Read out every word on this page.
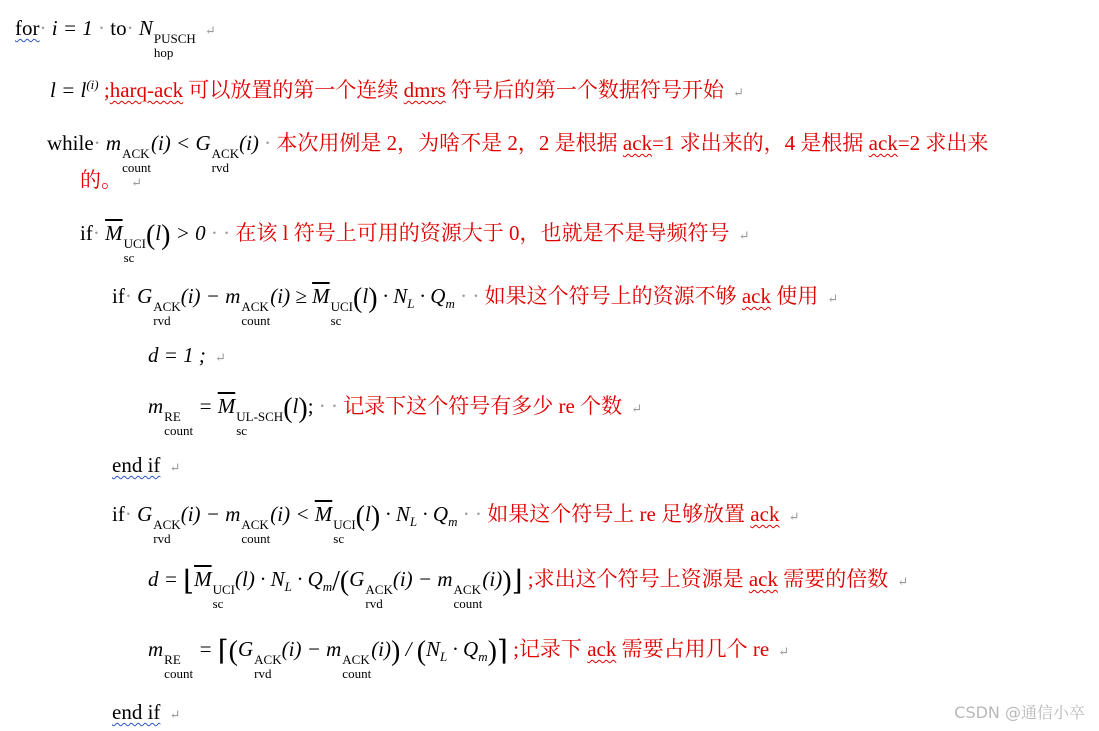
for· i = 1 · to· N PUSCH
hop
↵
$l = l^{(i)}$ ;harq-ack 可以放置的第一个连续 dmrs 符号后的第一个数据符号开始 ↵
while· m ACK
count
(i) < G ACK
rvd
(i) · 本次用例是 2，为啥不是 2，2 是根据 ack=1 求出来的，4 是根据 ack=2 求出来
的。 ↵
$if\cdot \overline{M}$ UCI
sc
(l) > 0 · · 在该 l 符号上可用的资源大于 0，也就是不是导频符号 ↵
if· G ACK
rvd
(i) − m ACK
count
$(i) \ge \overline{M}$ UCI
sc
$(l) \cdot N_L \cdot Q_m$ · · 如果这个符号上的资源不够 ack 使用 ↵
d = 1 ; ↵
m RE
count
= $\overline{M}$ UL-SCH
sc
(l); · · 记录下这个符号有多少 re 个数 ↵
end if ↵
if· G ACK
rvd
(i) − m ACK
count
$(i) < \overline{M}$ UCI
sc
$(l) \cdot N_L \cdot Q_m$ · · 如果这个符号上 re 足够放置 ack ↵
$d = ⌊\overline{M}$ UCI
sc
$(l) \cdot N_L \cdot Q_m/(G$ ACK
rvd
(i) − m ACK
count
(i))⌋ ;求出这个符号上资源是 ack 需要的倍数 ↵
m RE
count
= ⌈(G ACK
rvd
(i) − m ACK
count
$(i)) / (N_L$ · $Q_m)⌉$ ;记录下 ack 需要占用几个 re ↵
end if ↵	CSDN @通信小卒
